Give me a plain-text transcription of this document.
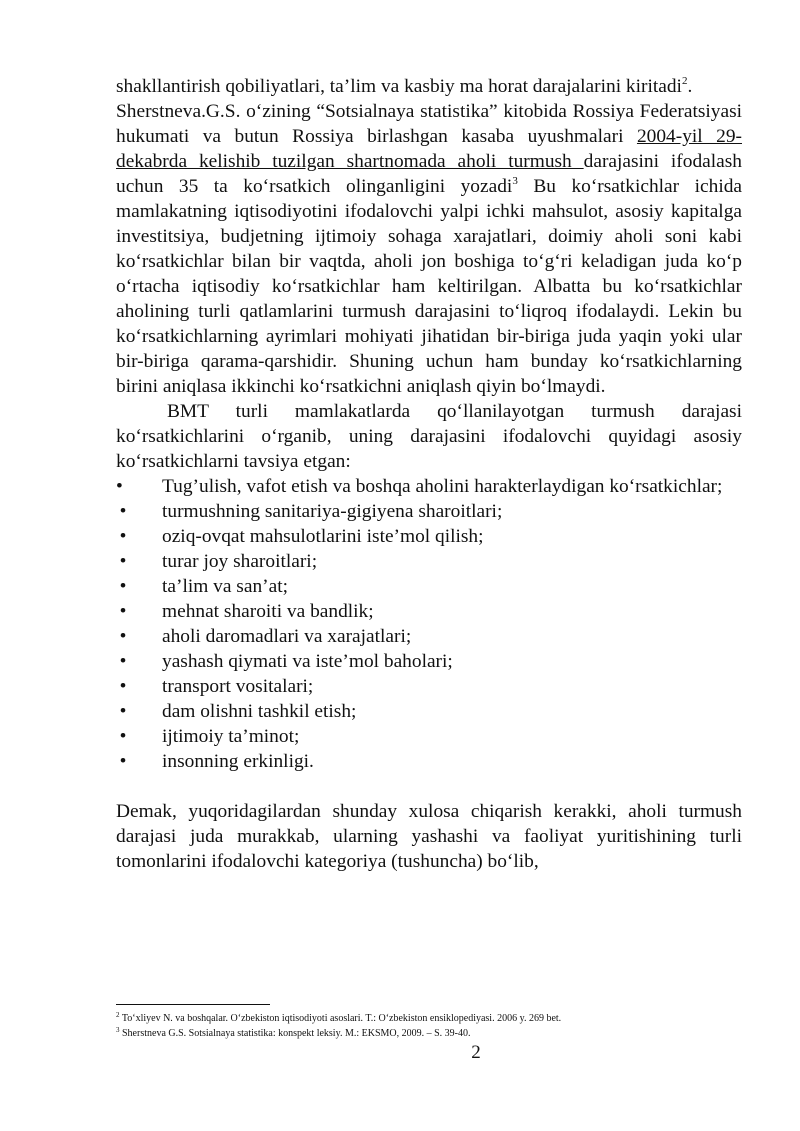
shakllantirish qobiliyatlari, ta’lim va kasbiy ma horat darajalarini kiritadi$^2$.

Sherstneva.G.S. o‘zining “Sotsialnaya statistika” kitobida Rossiya Federatsiyasi hukumati va butun Rossiya birlashgan kasaba uyushmalari 2004-yil 29-dekabrda kelishib tuzilgan shartnomada aholi turmush darajasini ifodalash uchun 35 ta ko‘rsatkich olinganligini yozadi$^3$ Bu ko‘rsatkichlar ichida mamlakatning iqtisodiyotini ifodalovchi yalpi ichki mahsulot, asosiy kapitalga investitsiya, budjetning ijtimoiy sohaga xarajatlari, doimiy aholi soni kabi ko‘rsatkichlar bilan bir vaqtda, aholi jon boshiga to‘g‘ri keladigan juda ko‘p o‘rtacha iqtisodiy ko‘rsatkichlar ham keltirilgan. Albatta bu ko‘rsatkichlar aholining turli qatlamlarini turmush darajasini to‘liqroq ifodalaydi. Lekin bu ko‘rsatkichlarning ayrimlari mohiyati jihatidan bir-biriga juda yaqin yoki ular bir-biriga qarama-qarshidir. Shuning uchun ham bunday ko‘rsatkichlarning birini aniqlasa ikkinchi ko‘rsatkichni aniqlash qiyin bo‘lmaydi.

BMT turli mamlakatlarda qo‘llanilayotgan turmush darajasi ko‘rsatkichlarini o‘rganib, uning darajasini ifodalovchi quyidagi asosiy ko‘rsatkichlarni tavsiya etgan:

•	Tug’ulish, vafot etish va boshqa aholini harakterlaydigan ko‘rsatkichlar;
• turmushning sanitariya-gigiyena sharoitlari;
• oziq-ovqat mahsulotlarini iste’mol qilish;
• turar joy sharoitlari;
• ta’lim va san’at;
• mehnat sharoiti va bandlik;
• aholi daromadlari va xarajatlari;
• yashash qiymati va iste’mol baholari;
• transport vositalari;
• dam olishni tashkil etish;
• ijtimoiy ta’minot;
• insonning erkinligi.

Demak, yuqoridagilardan shunday xulosa chiqarish kerakki, aholi turmush darajasi juda murakkab, ularning yashashi va faoliyat yuritishining turli tomonlarini ifodalovchi kategoriya (tushuncha) bo‘lib,

$^2$ To‘xliyev N. va boshqalar. O‘zbekiston iqtisodiyoti asoslari. T.: O‘zbekiston ensiklopediyasi. 2006 y. 269 bet.
$^3$ Sherstneva G.S. Sotsialnaya statistika: konspekt leksiy. M.: EKSMO, 2009. – S. 39-40.
2
